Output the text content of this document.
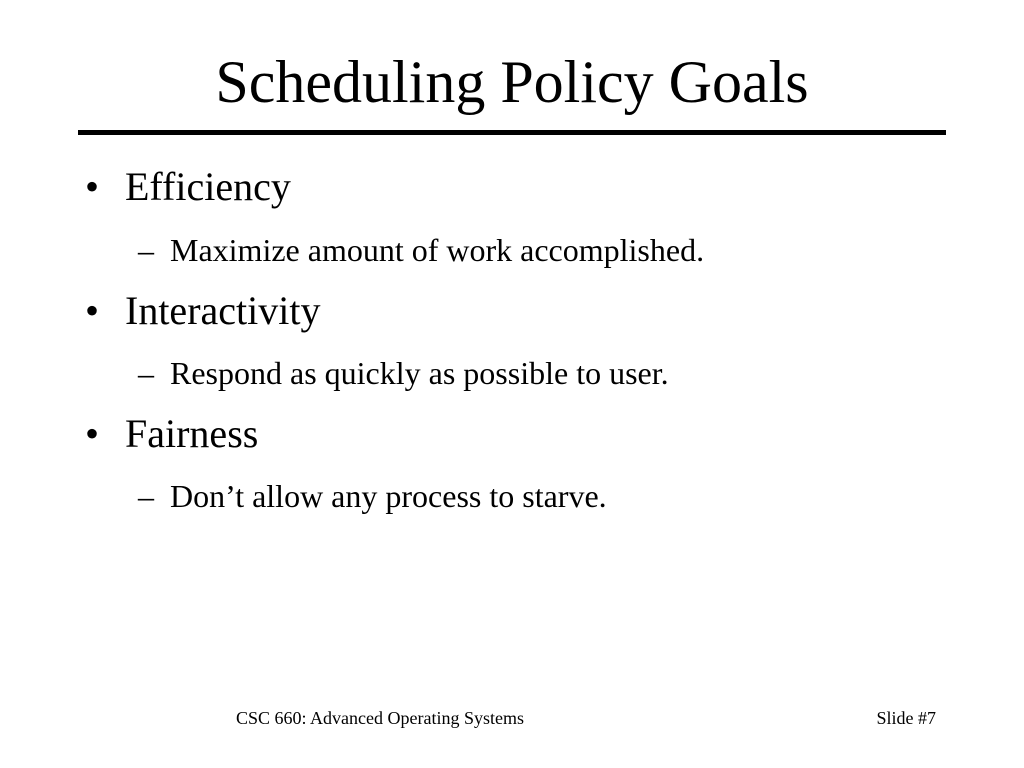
Scheduling Policy Goals
• Efficiency
– Maximize amount of work accomplished.
• Interactivity
– Respond as quickly as possible to user.
• Fairness
– Don’t allow any process to starve.
CSC 660: Advanced Operating Systems	Slide #7
